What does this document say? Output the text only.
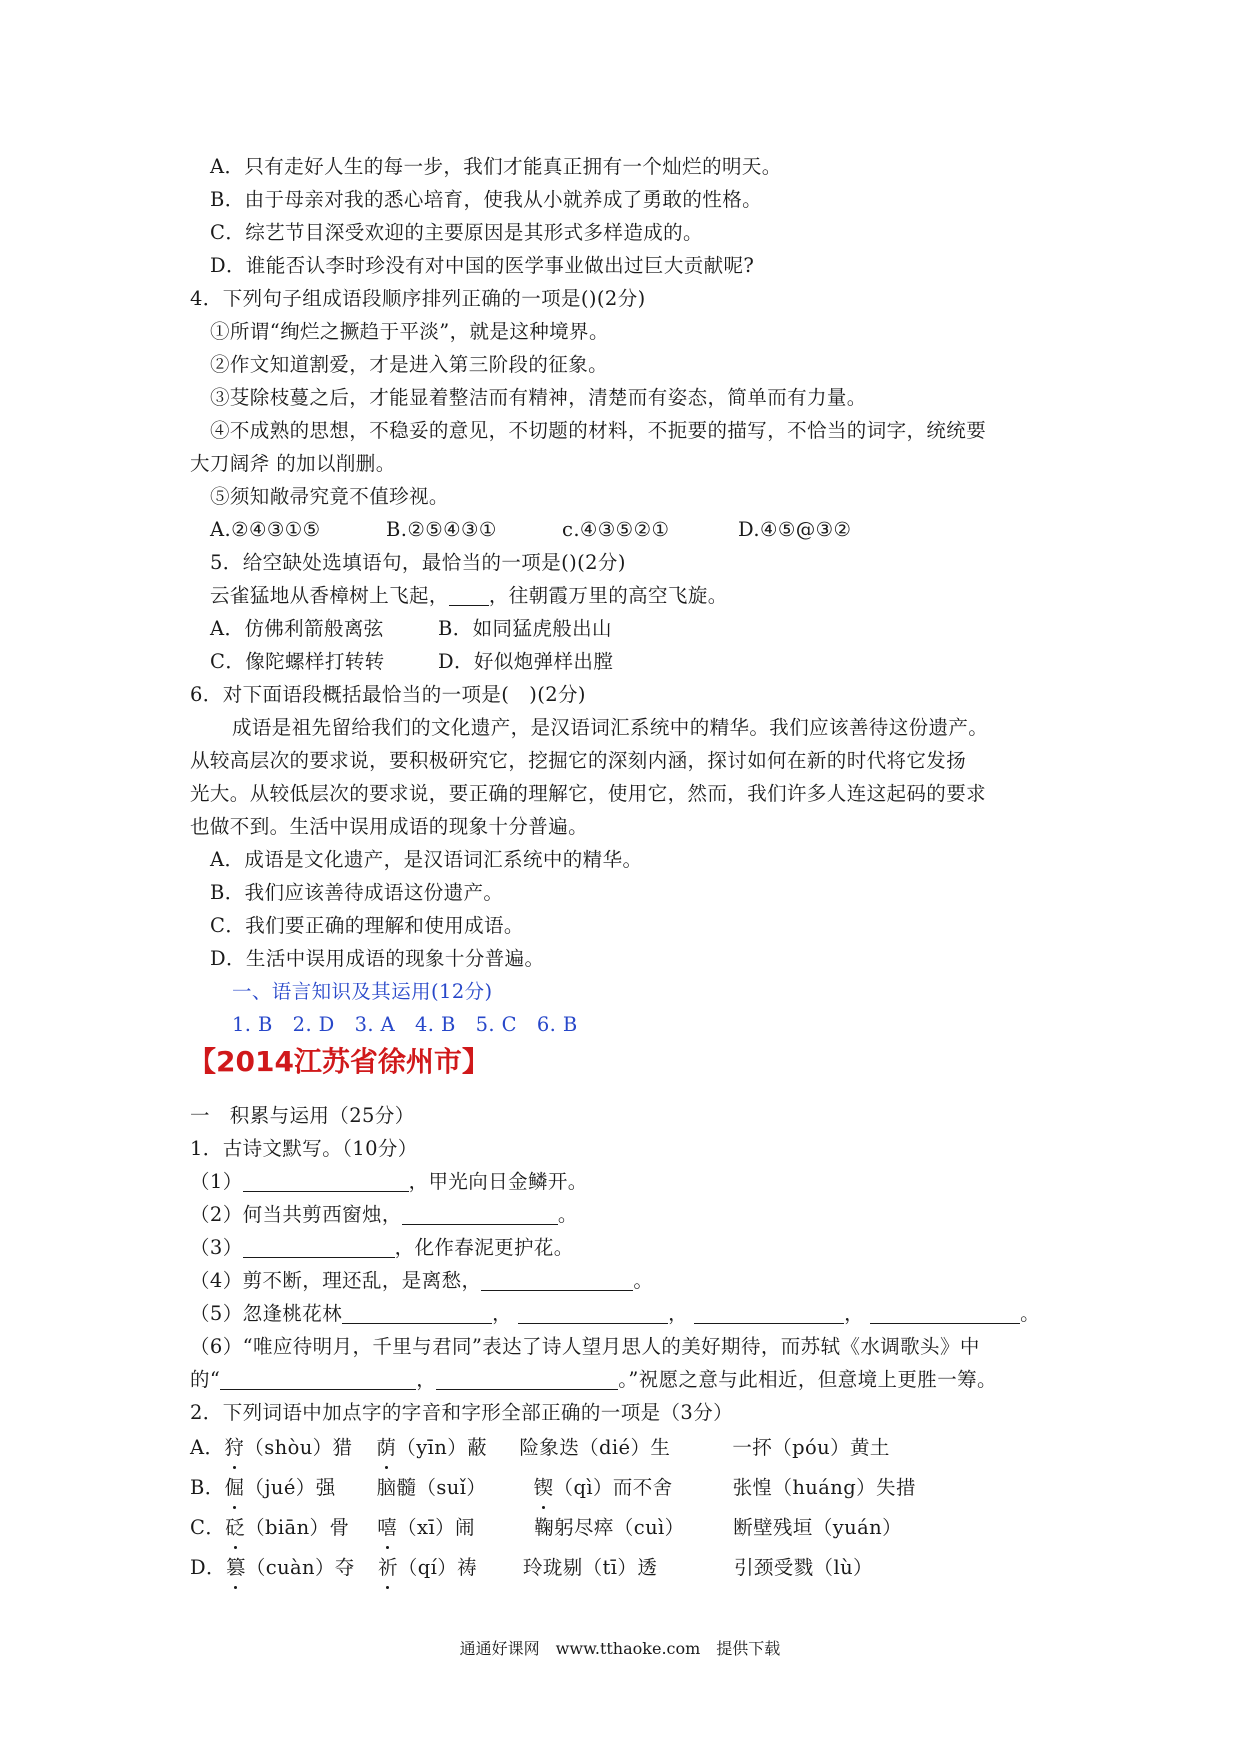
A．只有走好人生的每一步，我们才能真正拥有一个灿烂的明天。
B．由于母亲对我的悉心培育，使我从小就养成了勇敢的性格。
C．综艺节目深受欢迎的主要原因是其形式多样造成的。
D．谁能否认李时珍没有对中国的医学事业做出过巨大贡献呢?
4．下列句子组成语段顺序排列正确的一项是()(2分)
①所谓“绚烂之撅趋于平淡”，就是这种境界。
②作文知道割爱，才是进入第三阶段的征象。
③芟除枝蔓之后，才能显着整洁而有精神，清楚而有姿态，简单而有力量。
④不成熟的思想，不稳妥的意见，不切题的材料，不扼要的描写，不恰当的词字，统统要
大刀阔斧 的加以削删。
⑤须知敞帚究竟不值珍视。
A.②④③①⑤	B.②⑤④③①	c.④③⑤②①	D.④⑤@③②
5．给空缺处选填语句，最恰当的一项是()(2分)
云雀猛地从香樟树上飞起， ，往朝霞万里的高空飞旋。
A．仿佛利箭般离弦	B．如同猛虎般出山
C．像陀螺样打转转	D．好似炮弹样出膛
6．对下面语段概括最恰当的一项是(　)(2分)
成语是祖先留给我们的文化遗产，是汉语词汇系统中的精华。我们应该善待这份遗产。
从较高层次的要求说，要积极研究它，挖掘它的深刻内涵，探讨如何在新的时代将它发扬
光大。从较低层次的要求说，要正确的理解它，使用它，然而，我们许多人连这起码的要求
也做不到。生活中误用成语的现象十分普遍。
A．成语是文化遗产，是汉语词汇系统中的精华。
B．我们应该善待成语这份遗产。
C．我们要正确的理解和使用成语。
D．生活中误用成语的现象十分普遍。
一、语言知识及其运用(12分)
1. B　2. D　3. A　4. B　5. C　6. B
【2014江苏省徐州市】
一　积累与运用（25分）
1．古诗文默写。（10分）
（1）	，甲光向日金鳞开。
（2）何当共剪西窗烛，	。
（3）	，化作春泥更护花。
（4）剪不断，理还乱，是离愁，	。
（5）忽逢桃花林	，	，	，	。
（6）“唯应待明月，千里与君同”表达了诗人望月思人的美好期待，而苏轼《水调歌头》中
的“	，	。”祝愿之意与此相近，但意境上更胜一筹。
2．下列词语中加点字的字音和字形全部正确的一项是（3分）
A．狩（shòu）猎 荫（yīn）蔽 险象迭（dié）生	一抔（póu）黄土
B．倔（jué）强 脑髓（suǐ） 锲（qì）而不舍	张惶（huáng）失措
C．砭（biān）骨 嘻（xī）闹	鞠躬尽瘁（cuì） 断壁残垣（yuán）
D．篡（cuàn）夺 祈（qí）祷 玲珑剔（tī）透	引颈受戮（lù）
通通好课网　www.tthaoke.com　提供下载
